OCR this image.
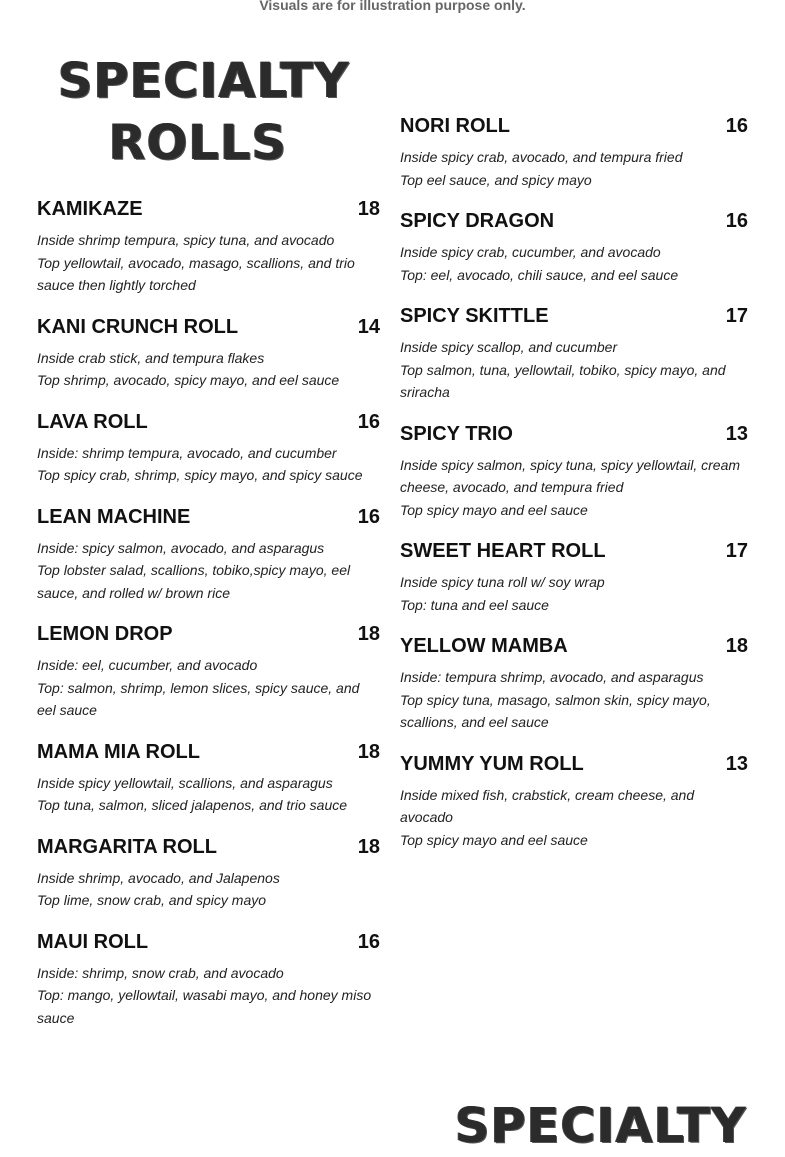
Visuals are for illustration purpose only.
SPECIALTY ROLLS
KAMIKAZE	18
Inside shrimp tempura, spicy tuna, and avocado
Top yellowtail, avocado, masago, scallions, and trio sauce then lightly torched
KANI CRUNCH ROLL	14
Inside crab stick, and tempura flakes
Top shrimp, avocado, spicy mayo, and eel sauce
LAVA ROLL	16
Inside: shrimp tempura, avocado, and cucumber
Top spicy crab, shrimp, spicy mayo, and spicy sauce
LEAN MACHINE	16
Inside: spicy salmon, avocado, and asparagus
Top lobster salad, scallions, tobiko,spicy mayo, eel sauce, and rolled w/ brown rice
LEMON DROP	18
Inside: eel, cucumber, and avocado
Top: salmon, shrimp, lemon slices, spicy sauce, and eel sauce
MAMA MIA ROLL	18
Inside spicy yellowtail, scallions, and asparagus
Top tuna, salmon, sliced jalapenos, and trio sauce
MARGARITA ROLL	18
Inside shrimp, avocado, and Jalapenos
Top lime, snow crab, and spicy mayo
MAUI ROLL	16
Inside: shrimp, snow crab, and avocado
Top: mango, yellowtail, wasabi mayo, and honey miso sauce
NORI ROLL	16
Inside spicy crab, avocado, and tempura fried
Top eel sauce, and spicy mayo
SPICY DRAGON	16
Inside spicy crab, cucumber, and avocado
Top: eel, avocado, chili sauce, and eel sauce
SPICY SKITTLE	17
Inside spicy scallop, and cucumber
Top salmon, tuna, yellowtail, tobiko, spicy mayo, and sriracha
SPICY TRIO	13
Inside spicy salmon, spicy tuna, spicy yellowtail, cream cheese, avocado, and tempura fried
Top spicy mayo and eel sauce
SWEET HEART ROLL	17
Inside spicy tuna roll w/ soy wrap
Top: tuna and eel sauce
YELLOW MAMBA	18
Inside: tempura shrimp, avocado, and asparagus
Top spicy tuna, masago, salmon skin, spicy mayo, scallions, and eel sauce
YUMMY YUM ROLL	13
Inside mixed fish, crabstick, cream cheese, and avocado
Top spicy mayo and eel sauce
SPECIALTY
